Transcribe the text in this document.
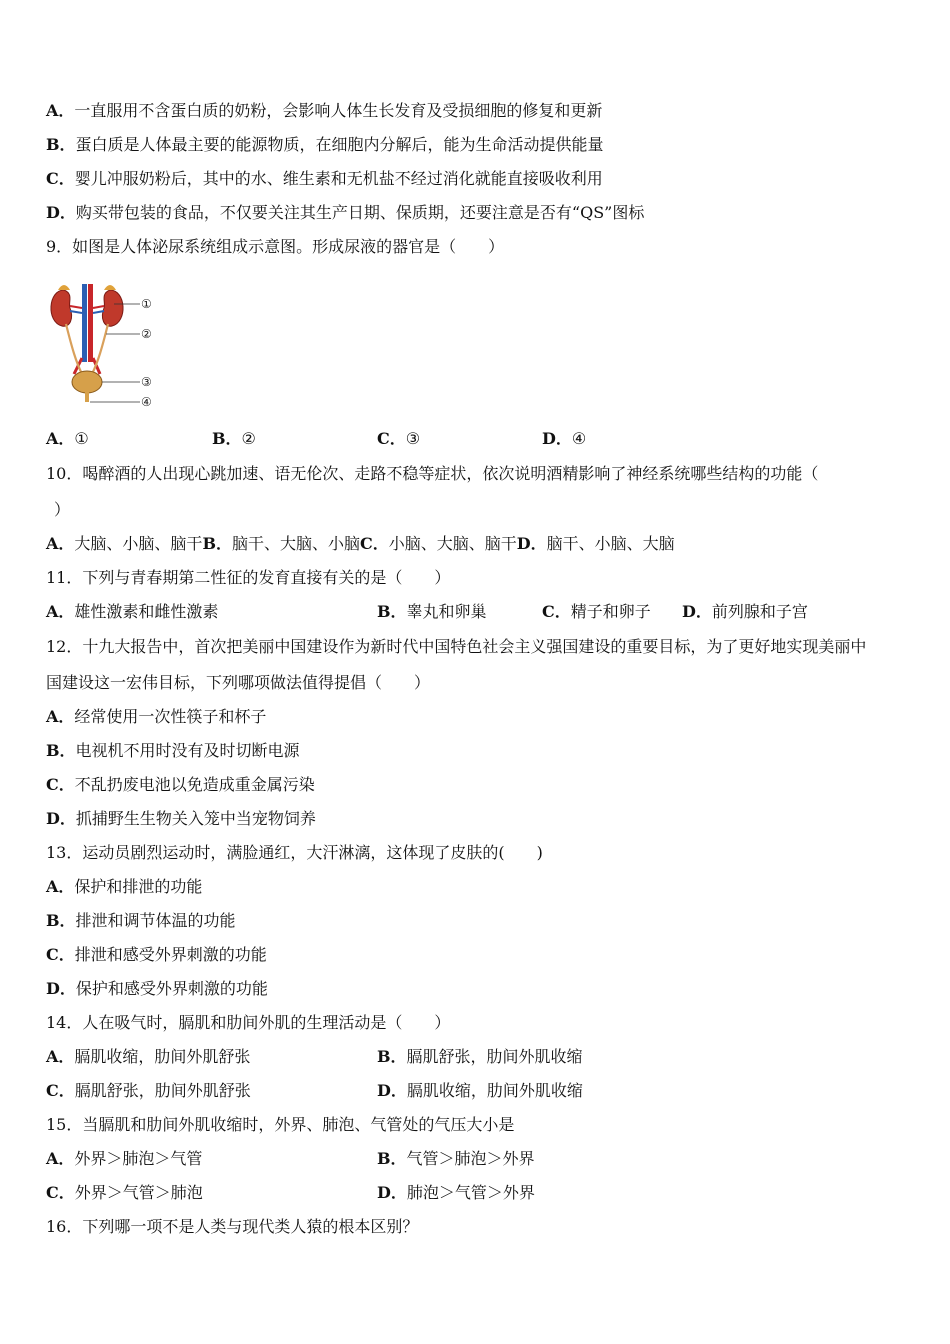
A．一直服用不含蛋白质的奶粉，会影响人体生长发育及受损细胞的修复和更新
B．蛋白质是人体最主要的能源物质，在细胞内分解后，能为生命活动提供能量
C．婴儿冲服奶粉后，其中的水、维生素和无机盐不经过消化就能直接吸收利用
D．购买带包装的食品，不仅要关注其生产日期、保质期，还要注意是否有“QS”图标
9．如图是人体泌尿系统组成示意图。形成尿液的器官是（　　）
①
②
③
④
A．①	B．②	C．③	D．④
10．喝醉酒的人出现心跳加速、语无伦次、走路不稳等症状，依次说明酒精影响了神经系统哪些结构的功能（
）
A．大脑、小脑、脑干B．脑干、大脑、小脑C．小脑、大脑、脑干D．脑干、小脑、大脑
11．下列与青春期第二性征的发育直接有关的是（　　）
A．雄性激素和雌性激素	B．睾丸和卵巢	C．精子和卵子 D．前列腺和子宫
12．十九大报告中，首次把美丽中国建设作为新时代中国特色社会主义强国建设的重要目标，为了更好地实现美丽中
国建设这一宏伟目标，下列哪项做法值得提倡（　　）
A．经常使用一次性筷子和杯子
B．电视机不用时没有及时切断电源
C．不乱扔废电池以免造成重金属污染
D．抓捕野生生物关入笼中当宠物饲养
13．运动员剧烈运动时，满脸通红，大汗淋漓，这体现了皮肤的(　　)
A．保护和排泄的功能
B．排泄和调节体温的功能
C．排泄和感受外界刺激的功能
D．保护和感受外界刺激的功能
14．人在吸气时，膈肌和肋间外肌的生理活动是（　　）
A．膈肌收缩，肋间外肌舒张	B．膈肌舒张，肋间外肌收缩
C．膈肌舒张，肋间外肌舒张	D．膈肌收缩，肋间外肌收缩
15．当膈肌和肋间外肌收缩时，外界、肺泡、气管处的气压大小是
A．外界＞肺泡＞气管	B．气管＞肺泡＞外界
C．外界＞气管＞肺泡	D．肺泡＞气管＞外界
16．下列哪一项不是人类与现代类人猿的根本区别？
